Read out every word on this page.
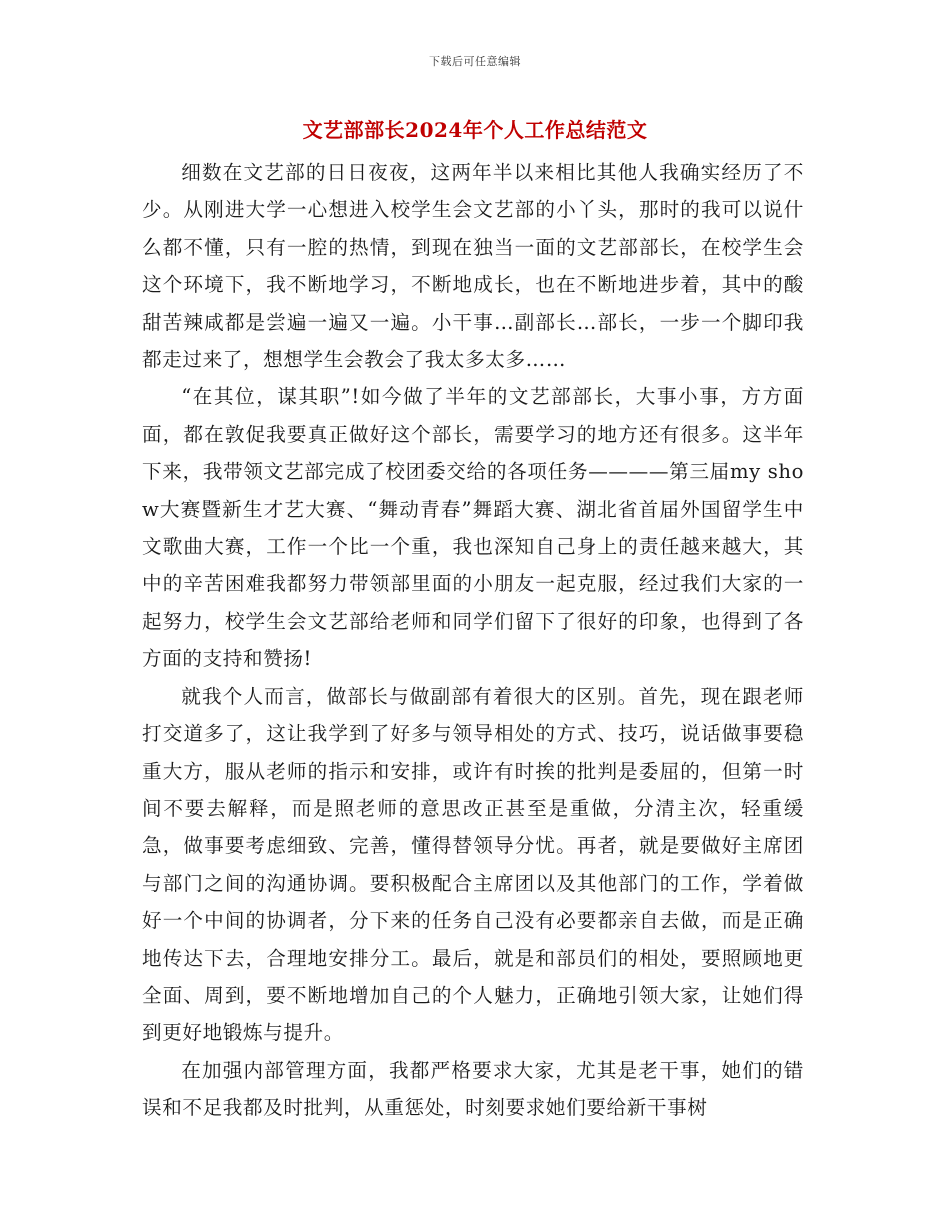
下载后可任意编辑
文艺部部长2024年个人工作总结范文

细数在文艺部的日日夜夜，这两年半以来相比其他人我确实经历了不少。从刚进大学一心想进入校学生会文艺部的小丫头，那时的我可以说什么都不懂，只有一腔的热情，到现在独当一面的文艺部部长，在校学生会这个环境下，我不断地学习，不断地成长，也在不断地进步着，其中的酸甜苦辣咸都是尝遍一遍又一遍。小干事…副部长…部长，一步一个脚印我都走过来了，想想学生会教会了我太多太多……

“在其位，谋其职”!如今做了半年的文艺部部长，大事小事，方方面面，都在敦促我要真正做好这个部长，需要学习的地方还有很多。这半年下来，我带领文艺部完成了校团委交给的各项任务————第三届my show大赛暨新生才艺大赛、“舞动青春”舞蹈大赛、湖北省首届外国留学生中文歌曲大赛，工作一个比一个重，我也深知自己身上的责任越来越大，其中的辛苦困难我都努力带领部里面的小朋友一起克服，经过我们大家的一起努力，校学生会文艺部给老师和同学们留下了很好的印象，也得到了各方面的支持和赞扬!

就我个人而言，做部长与做副部有着很大的区别。首先，现在跟老师打交道多了，这让我学到了好多与领导相处的方式、技巧，说话做事要稳重大方，服从老师的指示和安排，或许有时挨的批判是委屈的，但第一时间不要去解释，而是照老师的意思改正甚至是重做，分清主次，轻重缓急，做事要考虑细致、完善，懂得替领导分忧。再者，就是要做好主席团与部门之间的沟通协调。要积极配合主席团以及其他部门的工作，学着做好一个中间的协调者，分下来的任务自己没有必要都亲自去做，而是正确地传达下去，合理地安排分工。最后，就是和部员们的相处，要照顾地更全面、周到，要不断地增加自己的个人魅力，正确地引领大家，让她们得到更好地锻炼与提升。

在加强内部管理方面，我都严格要求大家，尤其是老干事，她们的错误和不足我都及时批判，从重惩处，时刻要求她们要给新干事树
